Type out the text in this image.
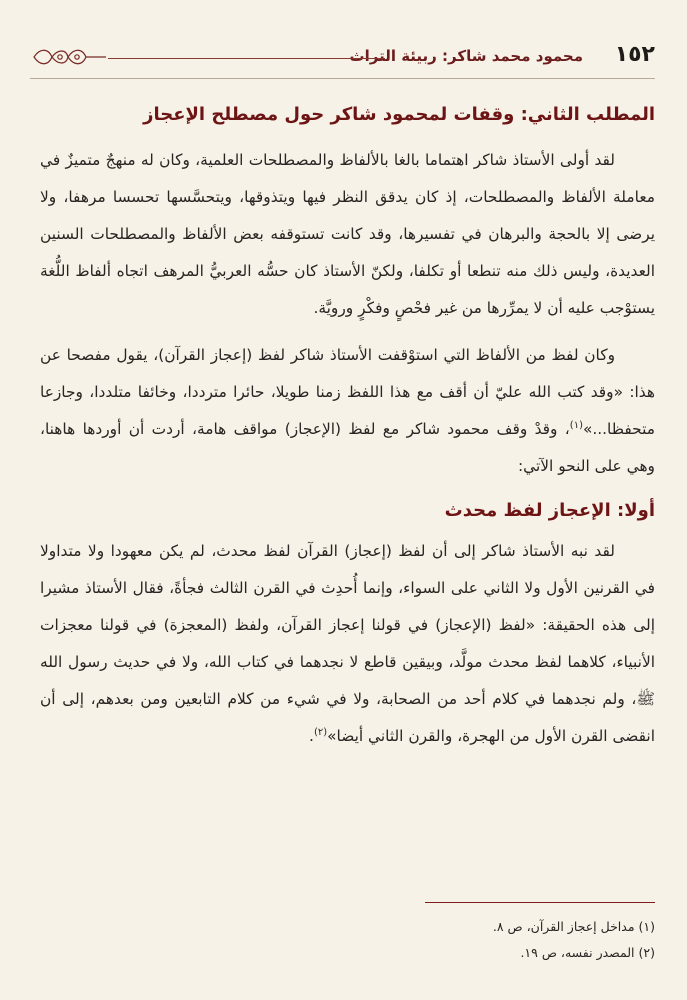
١٥٢
محمود محمد شاكر: ربيئة التراث
المطلب الثاني: وقفات لمحمود شاكر حول مصطلح الإعجاز

لقد أولى الأستاذ شاكر اهتماما بالغا بالألفاظ والمصطلحات العلمية، وكان له منهجٌ متميزٌ في معاملة الألفاظ والمصطلحات، إذ كان يدقق النظر فيها ويتذوقها، ويتحسَّسها تحسسا مرهفا، ولا يرضى إلا بالحجة والبرهان في تفسيرها، وقد كانت تستوقفه بعض الألفاظ والمصطلحات السنين العديدة، وليس ذلك منه تنطعا أو تكلفا، ولكنّ الأستاذ كان حسُّه العربيُّ المرهف اتجاه ألفاظ اللُّغة يستوْجب عليه أن لا يمرِّرها من غير فحْصٍ وفكْرٍ ورويَّة.

وكان لفظ من الألفاظ التي استوْقفت الأستاذ شاكر لفظ (إعجاز القرآن)، يقول مفصحا عن هذا: «وقد كتب الله عليّ أن أقف مع هذا اللفظ زمنا طويلا، حائرا مترددا، وخائفا متلددا، وجازعا متحفظا...»$^{(١)}$، وقدْ وقف محمود شاكر مع لفظ (الإعجاز) مواقف هامة، أردت أن أوردها هاهنا، وهي على النحو الآتي:

أولا: الإعجاز لفظ محدث

لقد نبه الأستاذ شاكر إلى أن لفظ (إعجاز) القرآن لفظ محدث، لم يكن معهودا ولا متداولا في القرنين الأول ولا الثاني على السواء، وإنما أُحدِث في القرن الثالث فجأةً، فقال الأستاذ مشيرا إلى هذه الحقيقة: «لفظ (الإعجاز) في قولنا إعجاز القرآن، ولفظ (المعجزة) في قولنا معجزات الأنبياء، كلاهما لفظ محدث مولَّد، وبيقين قاطع لا نجدهما في كتاب الله، ولا في حديث رسول الله ﷺ، ولم نجدهما في كلام أحد من الصحابة، ولا في شيء من كلام التابعين ومن بعدهم، إلى أن انقضى القرن الأول من الهجرة، والقرن الثاني أيضا»$^{(٢)}$.

(١) مداخل إعجاز القرآن، ص ٨.

(٢) المصدر نفسه، ص ١٩.
